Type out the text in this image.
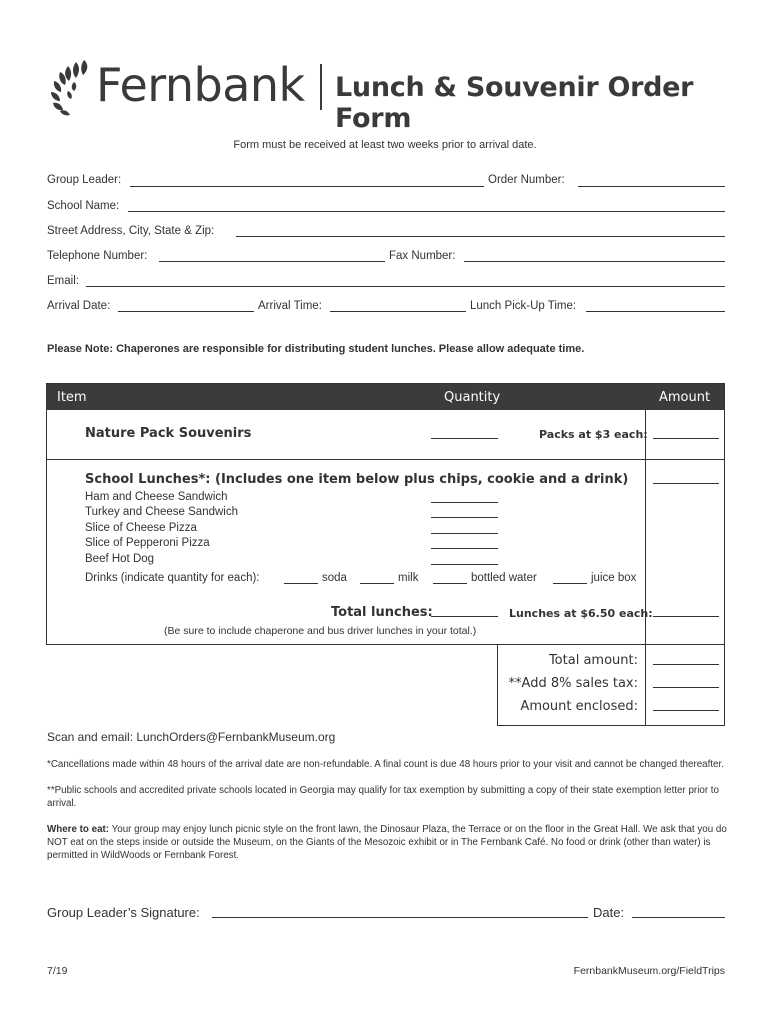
Fernbank Lunch & Souvenir Order Form
Form must be received at least two weeks prior to arrival date.
Group Leader:	Order Number:
School Name:
Street Address, City, State & Zip:
Telephone Number:	Fax Number:
Email:
Arrival Date:	Arrival Time:	Lunch Pick-Up Time:
Please Note: Chaperones are responsible for distributing student lunches. Please allow adequate time.
Item	Quantity	Amount
Nature Pack Souvenirs	Packs at $3 each:
School Lunches*: (Includes one item below plus chips, cookie and a drink)
Ham and Cheese Sandwich
Turkey and Cheese Sandwich
Slice of Cheese Pizza
Slice of Pepperoni Pizza
Beef Hot Dog
Drinks (indicate quantity for each):	soda	milk	bottled water	juice box
Total lunches:	Lunches at $6.50 each:
(Be sure to include chaperone and bus driver lunches in your total.)
Total amount:
**Add 8% sales tax:
Amount enclosed:
Scan and email: LunchOrders@FernbankMuseum.org
*Cancellations made within 48 hours of the arrival date are non-refundable. A final count is due 48 hours prior to your visit and cannot be changed thereafter.
**Public schools and accredited private schools located in Georgia may qualify for tax exemption by submitting a copy of their state exemption letter prior to arrival.
Where to eat: Your group may enjoy lunch picnic style on the front lawn, the Dinosaur Plaza, the Terrace or on the floor in the Great Hall. We ask that you do NOT eat on the steps inside or outside the Museum, on the Giants of the Mesozoic exhibit or in The Fernbank Café. No food or drink (other than water) is permitted in WildWoods or Fernbank Forest.
Group Leader’s Signature:	Date:
7/19	FernbankMuseum.org/FieldTrips
